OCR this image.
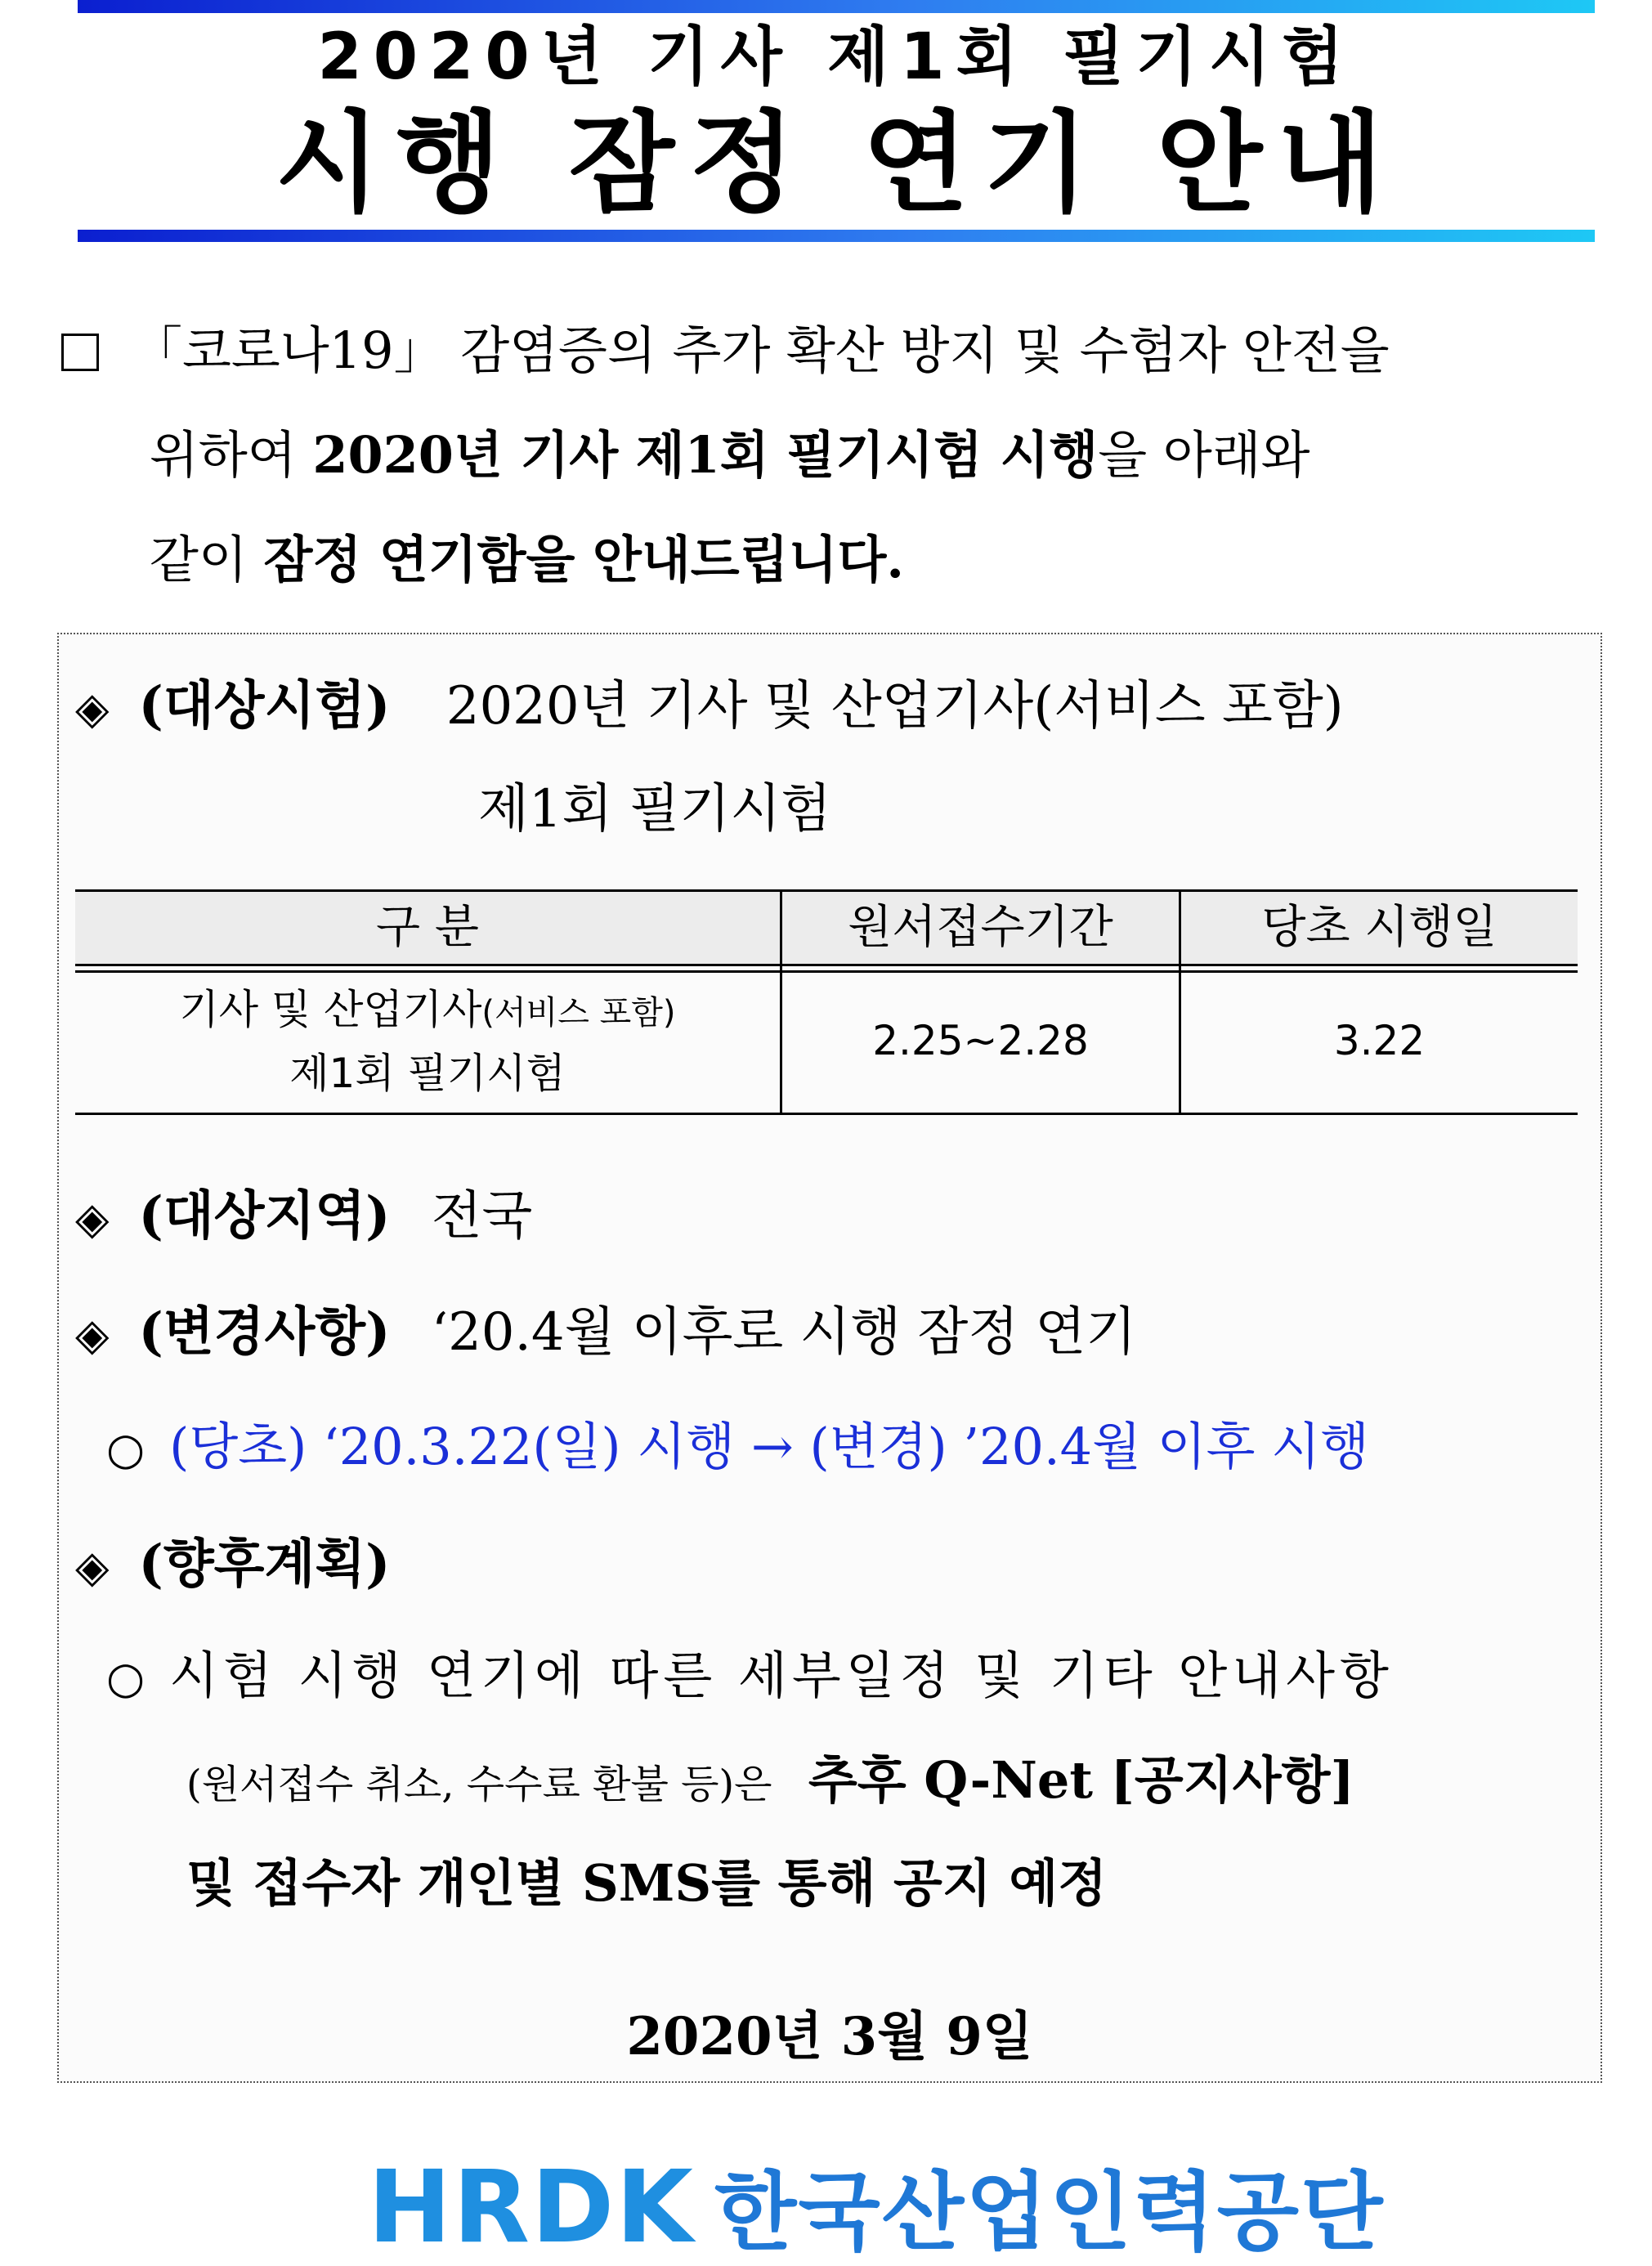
2020년 기사 제1회 필기시험
시행 잠정 연기 안내
「코로나19」 감염증의 추가 확산 방지 및 수험자 안전을
위하여 2020년 기사 제1회 필기시험 시행을 아래와
같이 잠정 연기함을 안내드립니다.
◈ (대상시험) 2020년 기사 및 산업기사(서비스 포함)
제1회 필기시험
구 분	원서접수기간	당초 시행일
기사 및 산업기사(서비스 포함)
제1회 필기시험
2.25∼2.28	3.22
◈ (대상지역) 전국
◈ (변경사항) ‘20.4월 이후로 시행 잠정 연기
○ (당초) ‘20.3.22(일) 시행 → (변경) ’20.4월 이후 시행
◈ (향후계획)
○ 시험 시행 연기에 따른 세부일정 및 기타 안내사항
(원서접수 취소, 수수료 환불 등)은 추후 Q-Net [공지사항]
및 접수자 개인별 SMS를 통해 공지 예정
2020년 3월 9일
HRDK 한국산업인력공단
